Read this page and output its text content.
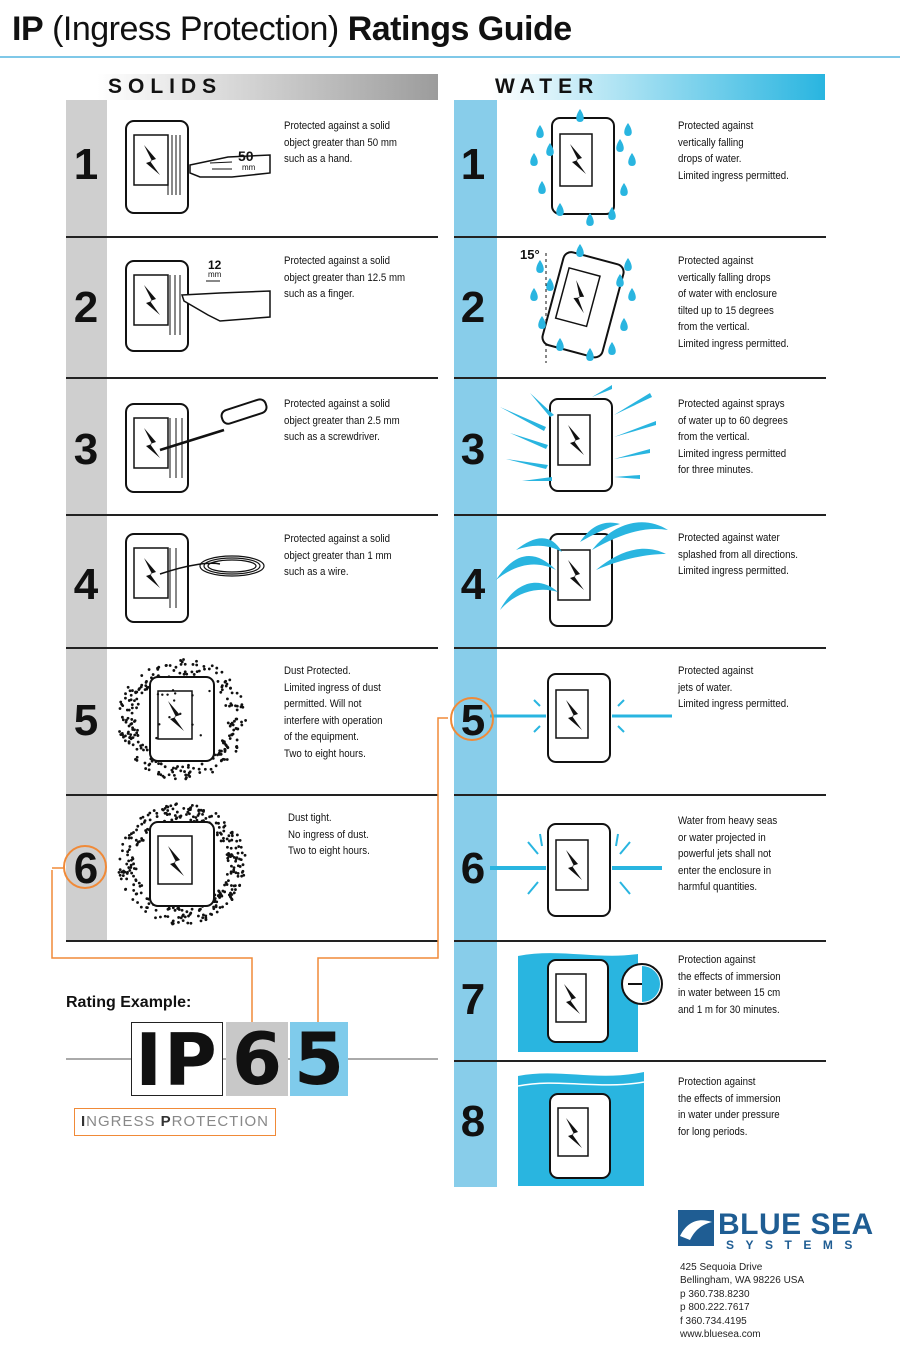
IP (Ingress Protection) Ratings Guide
SOLIDS	WATER
1
Protected against a solid
object greater than 50 mm
such as a hand.
50
mm
2
Protected against a solid
object greater than 12.5 mm
such as a finger.
12
mm
3
Protected against a solid
object greater than 2.5 mm
such as a screwdriver.
4
Protected against a solid
object greater than 1 mm
such as a wire.
5
Dust Protected.
Limited ingress of dust
permitted. Will not
interfere with operation
of the equipment.
Two to eight hours.
6
Dust tight.
No ingress of dust.
Two to eight hours.
1
Protected against
vertically falling
drops of water.
Limited ingress permitted.
2
Protected against
vertically falling drops
of water with enclosure
tilted up to 15 degrees
from the vertical.
Limited ingress permitted.
15°
3
Protected against sprays
of water up to 60 degrees
from the vertical.
Limited ingress permitted
for three minutes.
4
Protected against water
splashed from all directions.
Limited ingress permitted.
5
Protected against
jets of water.
Limited ingress permitted.
6
Water from heavy seas
or water projected in
powerful jets shall not
enter the enclosure in
harmful quantities.
7
Protection against
the effects of immersion
in water between 15 cm
and 1 m for 30 minutes.
8
Protection against
the effects of immersion
in water under pressure
for long periods.
Rating Example:
IP 6 5
INGRESS PROTECTION
BLUE SEA
SYSTEMS
425 Sequoia Drive
Bellingham, WA 98226 USA
p 360.738.8230
p 800.222.7617
f 360.734.4195
www.bluesea.com
